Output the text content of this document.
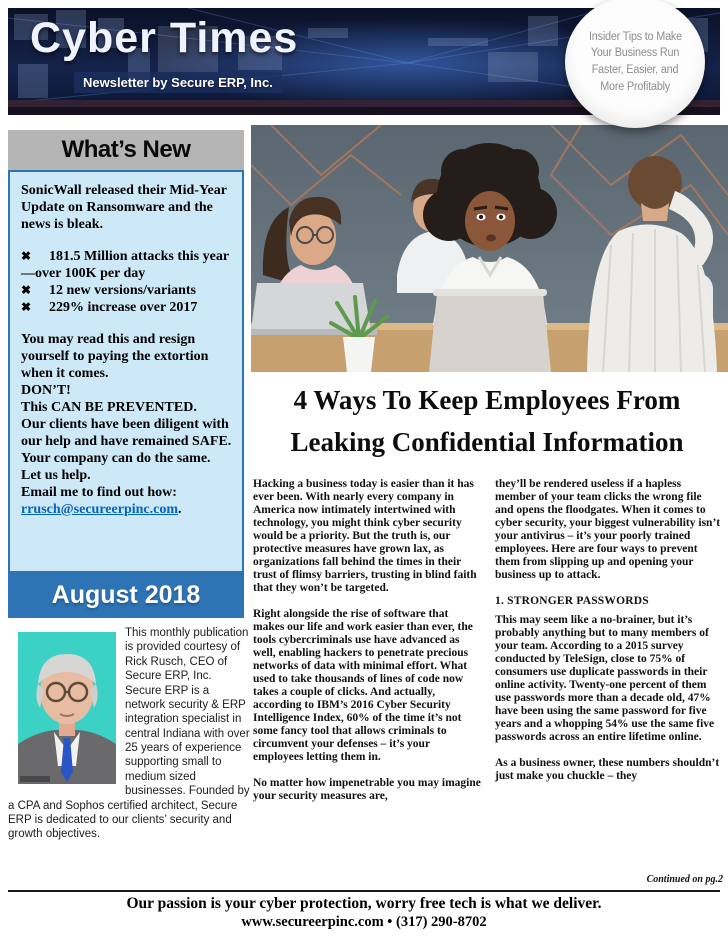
Cyber Times
Newsletter by Secure ERP, Inc.
Insider Tips to Make
Your Business Run
Faster, Easier, and
More Profitably
What’s New

SonicWall released their Mid-Year Update on Ransomware and the news is bleak.

✖ 181.5 Million attacks this year—over 100K per day

✖ 12 new versions/variants

✖ 229% increase over 2017

You may read this and resign yourself to paying the extortion when it comes.

DON’T!

This CAN BE PREVENTED.

Our clients have been diligent with our help and have remained SAFE. Your company can do the same. Let us help.

Email me to find out how:

rrusch@secureerpinc.com.

August 2018

This monthly publication is provided courtesy of Rick Rusch, CEO of Secure ERP, Inc.

Secure ERP is a network security & ERP integration specialist in central Indiana with over 25 years of experience supporting small to medium sized businesses. Founded by a CPA and Sophos certified architect, Secure ERP is dedicated to our clients’ security and growth objectives.

4 Ways To Keep Employees From
Leaking Confidential Information

Hacking a business today is easier than it has ever been. With nearly every company in America now intimately intertwined with technology, you might think cyber security would be a priority. But the truth is, our protective measures have grown lax, as organizations fall behind the times in their trust of flimsy barriers, trusting in blind faith that they won’t be targeted.

Right alongside the rise of software that makes our life and work easier than ever, the tools cybercriminals use have advanced as well, enabling hackers to penetrate precious networks of data with minimal effort. What used to take thousands of lines of code now takes a couple of clicks. And actually, according to IBM’s 2016 Cyber Security Intelligence Index, 60% of the time it’s not some fancy tool that allows criminals to circumvent your defenses – it’s your employees letting them in.

No matter how impenetrable you may imagine your security measures are,

they’ll be rendered useless if a hapless member of your team clicks the wrong file and opens the floodgates. When it comes to cyber security, your biggest vulnerability isn’t your antivirus – it’s your poorly trained employees. Here are four ways to prevent them from slipping up and opening your business up to attack.

1. STRONGER PASSWORDS

This may seem like a no-brainer, but it’s probably anything but to many members of your team. According to a 2015 survey conducted by TeleSign, close to 75% of consumers use duplicate passwords in their online activity. Twenty-one percent of them use passwords more than a decade old, 47% have been using the same password for five years and a whopping 54% use the same five passwords across an entire lifetime online.

As a business owner, these numbers shouldn’t just make you chuckle – they

Continued on pg.2
Our passion is your cyber protection, worry free tech is what we deliver.
www.secureerpinc.com • (317) 290-8702
